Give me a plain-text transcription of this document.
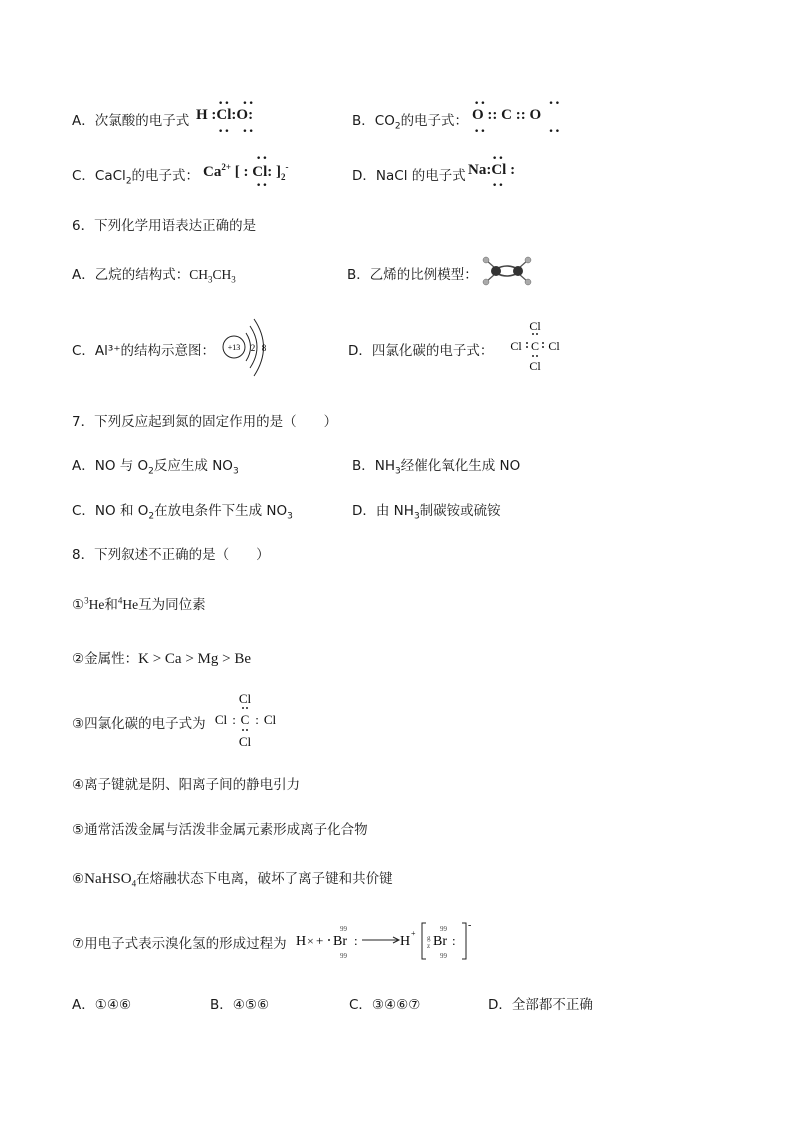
A．次氯酸的电子式 H :Cl:O:
••   ••
••   ••
B．$CO_2$的电子式： O :: C :: O
••                ••
••                ••
C．CaCl$_2$的电子式： $Ca^{2+}$ [ : Cl: ]$_2^-$
••
••
D．NaCl 的电子式 Na:Cl :
••
••
6．下列化学用语表达正确的是
A．乙烷的结构式：$CH_3CH_3$	B．乙烯的比例模型：
C．Al³⁺的结构示意图： +13 2 8	D．四氯化碳的电子式：
Cl
Cl C Cl
Cl
7．下列反应起到氮的固定作用的是（　　）
A．NO 与 $O_2$反应生成 $NO_3$	B．$NH_3$经催化氧化生成 NO
C．NO 和 $O_2$在放电条件下生成 $NO_3$	D．由 $NH_3$制碳铵或硫铵
8．下列叙述不正确的是（　　）
①$^3$He和$^4$He互为同位素
②金属性：K > Ca > Mg > Be
③四氯化碳的电子式为
Cl
Cl : C : Cl
Cl
④离子键就是阴、阳离子间的静电引力
⑤通常活泼金属与活泼非金属元素形成离子化合物
⑥NaHSO$_4$在熔融状态下电离，破坏了离子键和共价键
⑦用电子式表示溴化氢的形成过程为 H × + Br :
99
99
H
+ g
z Br :
99
99
-
A．①④⑥	B．④⑤⑥	C．③④⑥⑦	D．全部都不正确
